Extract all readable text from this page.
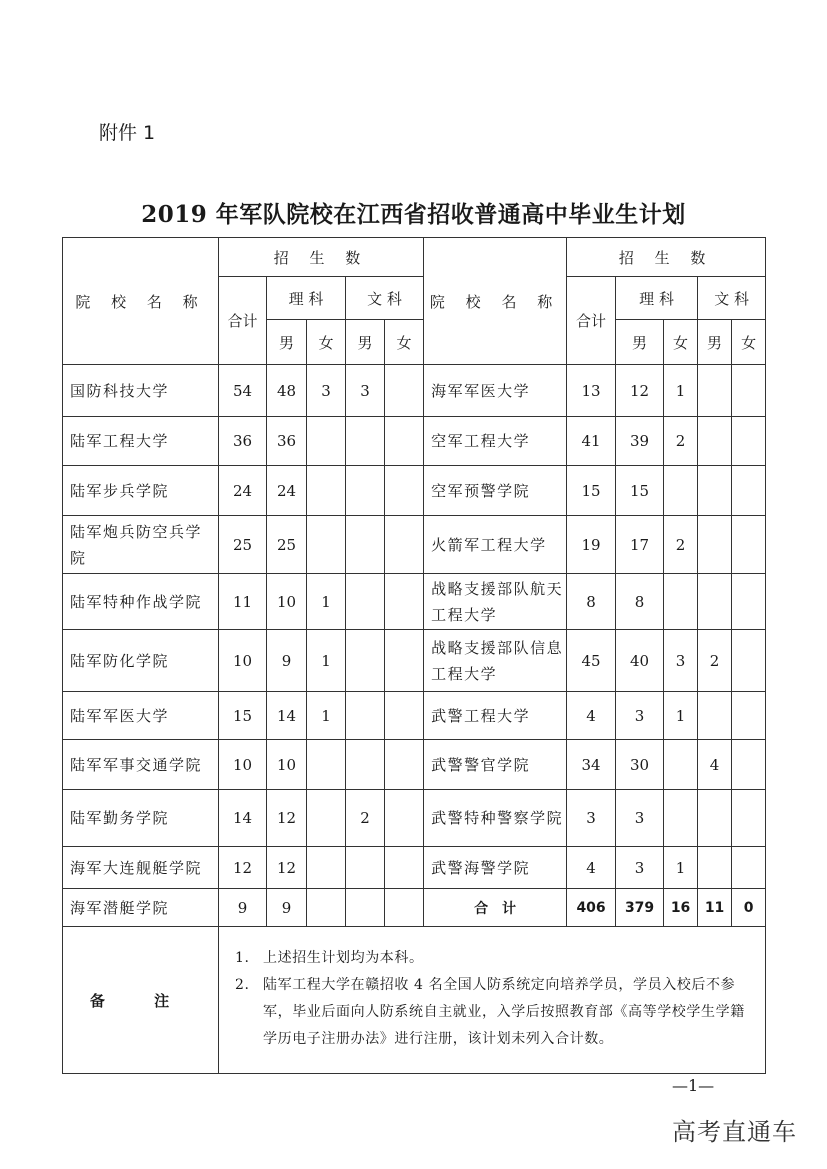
附件 1
2019 年军队院校在江西省招收普通高中毕业生计划
院 校 名 称	招 生 数					院 校 名 称	招 生 数				
	合计	理 科		文 科			合计	理 科		文 科	
		男	女	男	女			男	女	男	女
国防科技大学	54	48	3	3		海军军医大学	13	12	1		
陆军工程大学	36	36				空军工程大学	41	39	2		
陆军步兵学院	24	24				空军预警学院	15	15			
陆军炮兵防空兵学院	25	25				火箭军工程大学	19	17	2		
陆军特种作战学院	11	10	1			战略支援部队航天工程大学	8	8			
陆军防化学院	10	9	1			战略支援部队信息工程大学	45	40	3	2	
陆军军医大学	15	14	1			武警工程大学	4	3	1		
陆军军事交通学院	10	10				武警警官学院	34	30		4	
陆军勤务学院	14	12		2		武警特种警察学院	3	3			
海军大连舰艇学院	12	12				武警海警学院	4	3	1		
海军潜艇学院	9	9				合　计	406	379	16	11	0
备 注	1. 上述招生计划均为本科。
2. 陆军工程大学在赣招收 4 名全国人防系统定向培养学员，学员入校后不参军，毕业后面向人防系统自主就业，入学后按照教育部《高等学校学生学籍学历电子注册办法》进行注册，该计划未列入合计数。										
—1—
高考直通车
